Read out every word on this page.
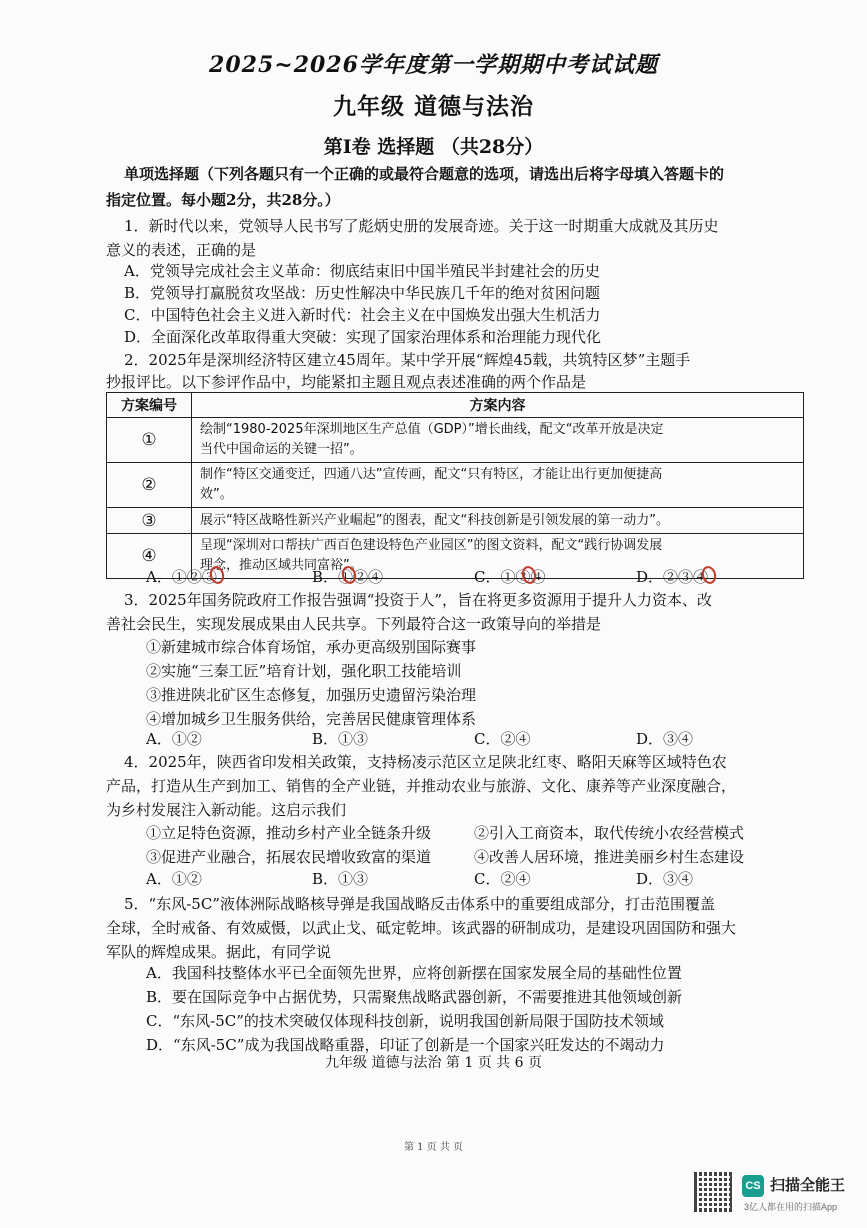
2025~2026学年度第一学期期中考试试题
九年级 道德与法治
第Ⅰ卷 选择题 （共28分）
单项选择题（下列各题只有一个正确的或最符合题意的选项，请选出后将字母填入答题卡的
指定位置。每小题2分，共28分。）
1．新时代以来，党领导人民书写了彪炳史册的发展奇迹。关于这一时期重大成就及其历史
意义的表述，正确的是
A．党领导完成社会主义革命：彻底结束旧中国半殖民半封建社会的历史
B．党领导打赢脱贫攻坚战：历史性解决中华民族几千年的绝对贫困问题
C．中国特色社会主义进入新时代：社会主义在中国焕发出强大生机活力
D．全面深化改革取得重大突破：实现了国家治理体系和治理能力现代化
2．2025年是深圳经济特区建立45周年。某中学开展“辉煌45载，共筑特区梦”主题手
抄报评比。以下参评作品中，均能紧扣主题且观点表述准确的两个作品是
方案编号	方案内容
①	绘制“1980-2025年深圳地区生产总值（GDP）”增长曲线，配文“改革开放是决定
当代中国命运的关键一招”。

②	制作“特区交通变迁，四通八达”宣传画，配文“只有特区，才能让出行更加便捷高
效”。

③	展示“特区战略性新兴产业崛起”的图表，配文“科技创新是引领发展的第一动力”。

④	呈现“深圳对口帮扶广西百色建设特色产业园区”的图文资料，配文“践行协调发展
理念，推动区域共同富裕”。
A．①②③	B．①②④	C．①③④	D．②③④
3．2025年国务院政府工作报告强调“投资于人”，旨在将更多资源用于提升人力资本、改
善社会民生，实现发展成果由人民共享。下列最符合这一政策导向的举措是
①新建城市综合体育场馆，承办更高级别国际赛事
②实施“三秦工匠”培育计划，强化职工技能培训
③推进陕北矿区生态修复，加强历史遗留污染治理
④增加城乡卫生服务供给，完善居民健康管理体系
A．①②	B．①③	C．②④	D．③④
4．2025年，陕西省印发相关政策，支持杨凌示范区立足陕北红枣、略阳天麻等区域特色农
产品，打造从生产到加工、销售的全产业链，并推动农业与旅游、文化、康养等产业深度融合，
为乡村发展注入新动能。这启示我们
①立足特色资源，推动乡村产业全链条升级	②引入工商资本，取代传统小农经营模式
③促进产业融合，拓展农民增收致富的渠道	④改善人居环境，推进美丽乡村生态建设
A．①②	B．①③	C．②④	D．③④
5．“东风-5C”液体洲际战略核导弹是我国战略反击体系中的重要组成部分，打击范围覆盖
全球，全时戒备、有效威慑，以武止戈、砥定乾坤。该武器的研制成功，是建设巩固国防和强大
军队的辉煌成果。据此，有同学说
A．我国科技整体水平已全面领先世界，应将创新摆在国家发展全局的基础性位置
B．要在国际竞争中占据优势，只需聚焦战略武器创新，不需要推进其他领域创新
C．“东风-5C”的技术突破仅体现科技创新，说明我国创新局限于国防技术领域
D．“东风-5C”成为我国战略重器，印证了创新是一个国家兴旺发达的不竭动力
九年级 道德与法治 第 1 页 共 6 页
第 1 页 共 页
CS 扫描全能王
3亿人都在用的扫描App
